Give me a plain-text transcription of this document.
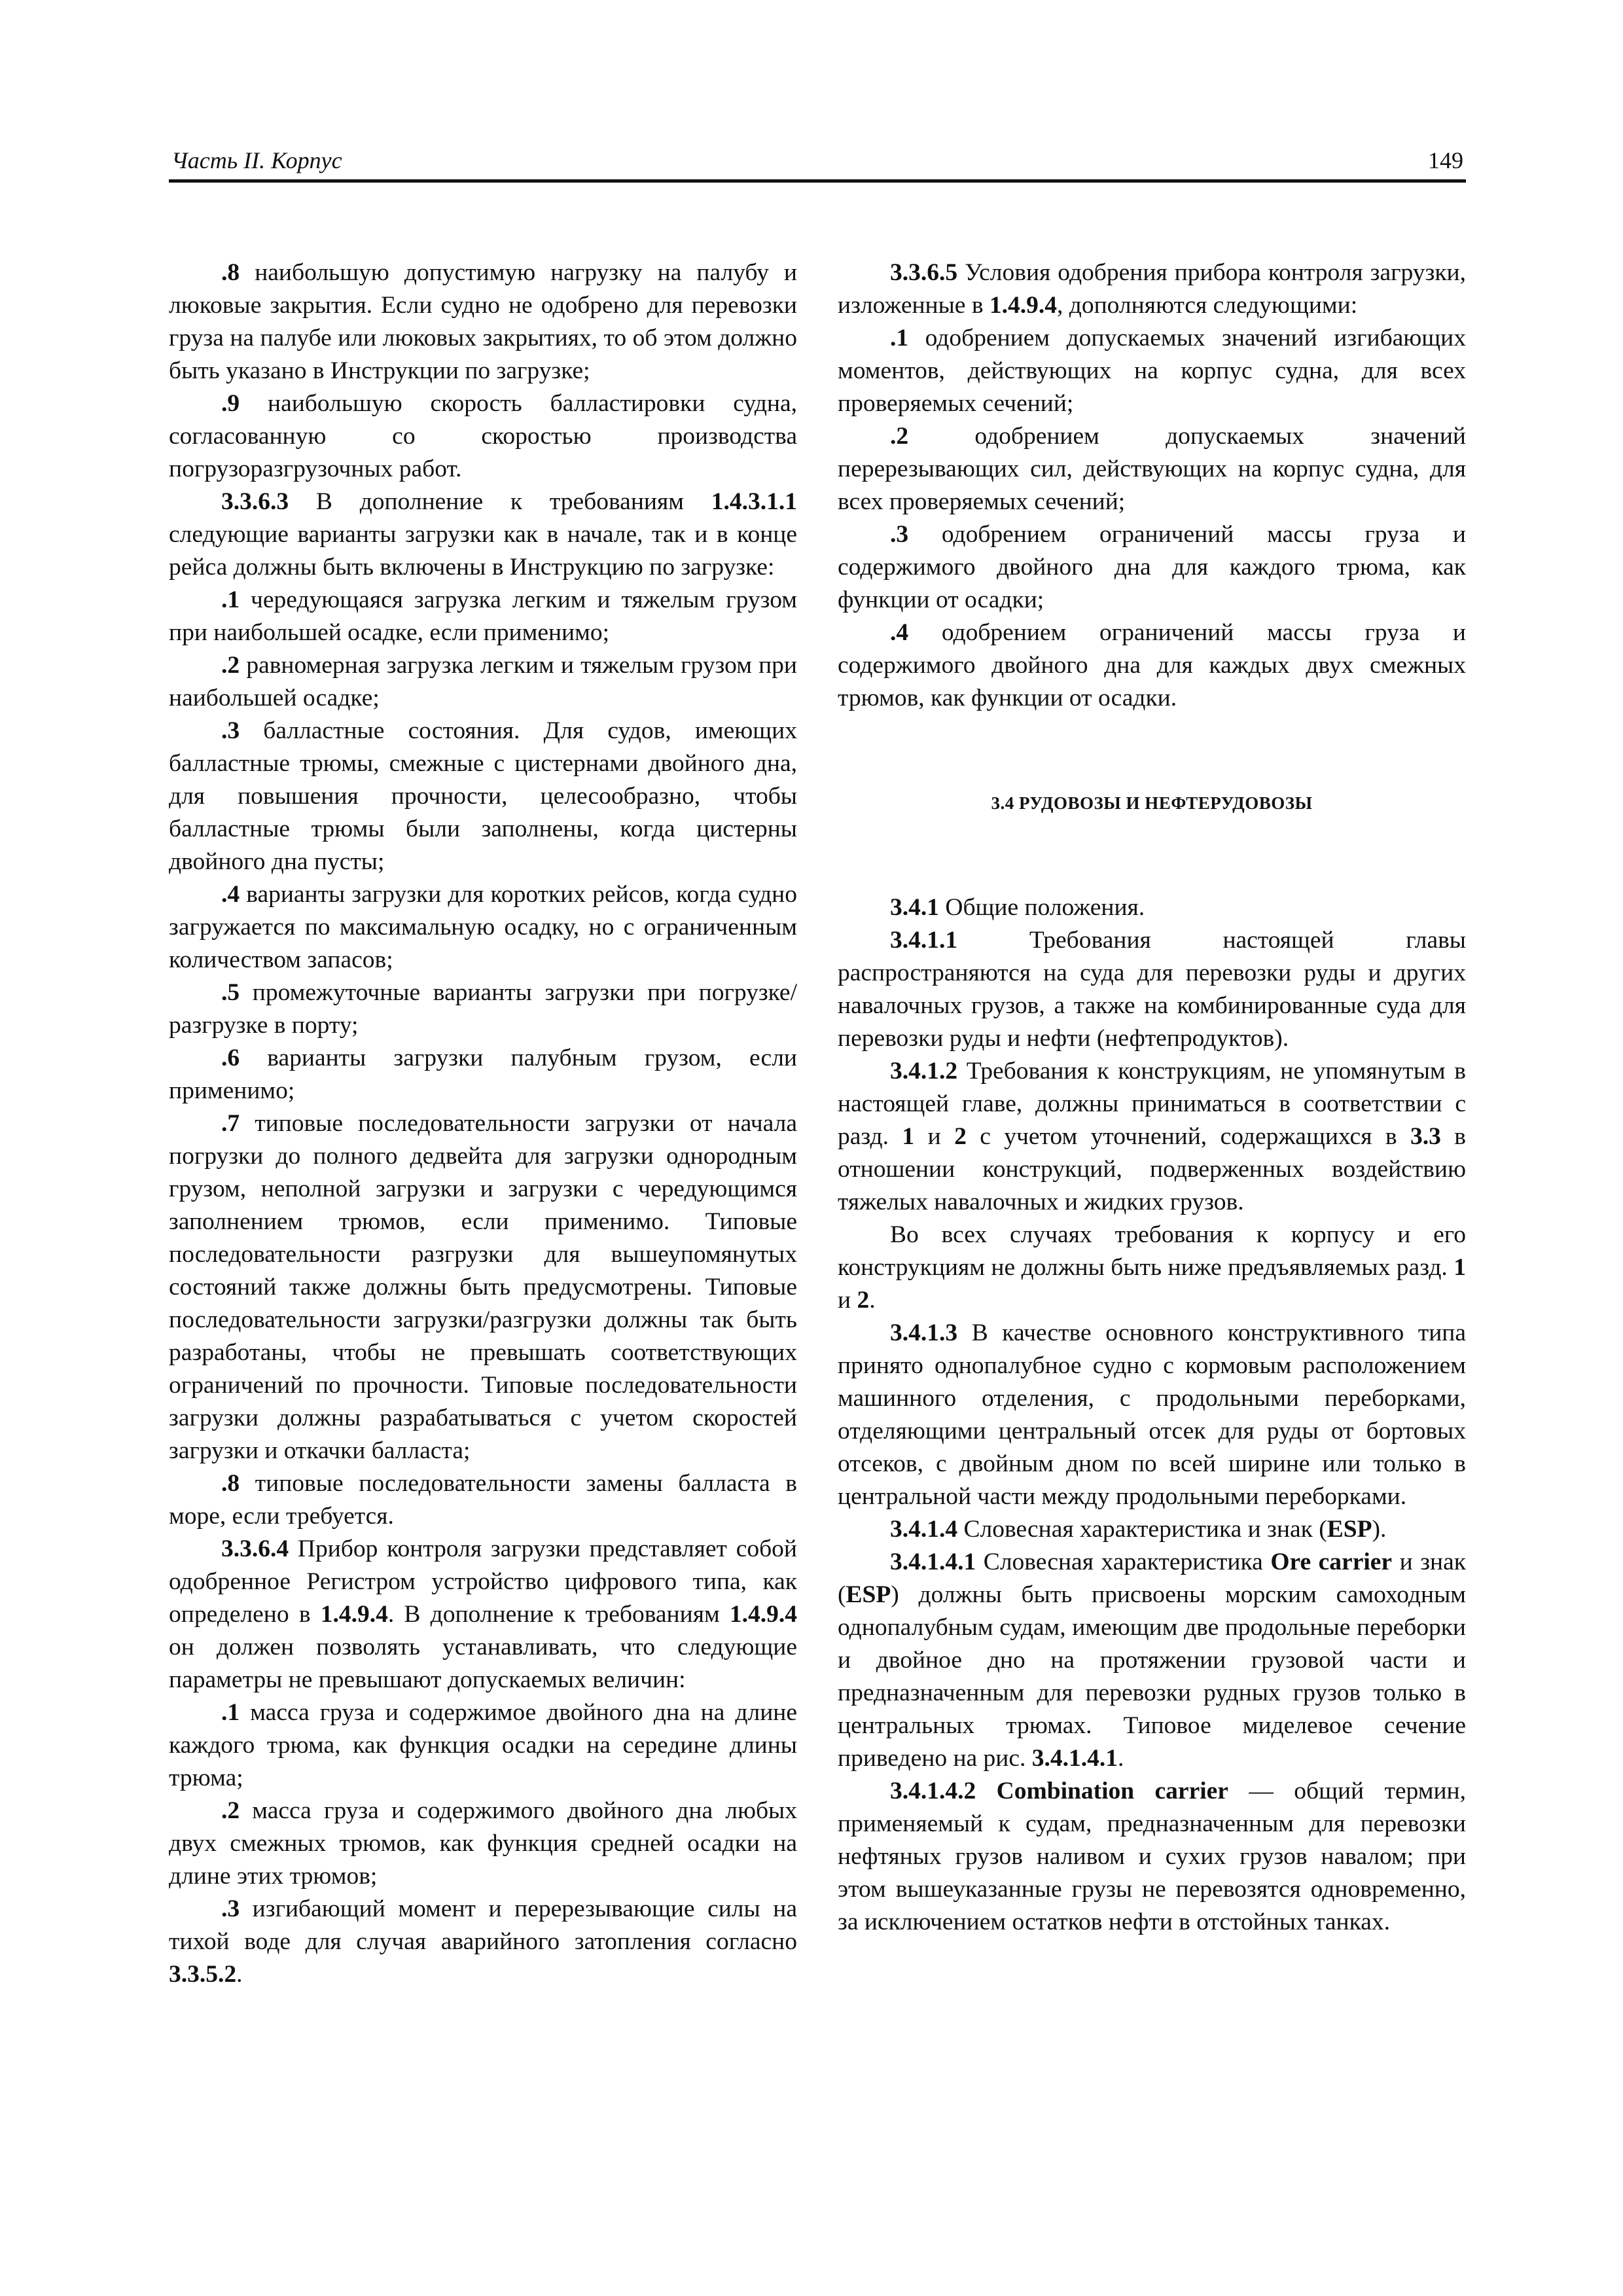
Часть II. Корпус	149

.8 наибольшую допустимую нагрузку на палубу и люковые закрытия. Если судно не одобрено для перевозки груза на палубе или люковых закрытиях, то об этом должно быть указано в Инструкции по загрузке;

.9 наибольшую скорость балластировки судна, согласованную со скоростью производства погрузоразгрузочных работ.

3.3.6.3 В дополнение к требованиям 1.4.3.1.1 следующие варианты загрузки как в начале, так и в конце рейса должны быть включены в Инструкцию по загрузке:

.1 чередующаяся загрузка легким и тяжелым грузом при наибольшей осадке, если применимо;

.2 равномерная загрузка легким и тяжелым грузом при наибольшей осадке;

.3 балластные состояния. Для судов, имеющих балластные трюмы, смежные с цистернами двойного дна, для повышения прочности, целесообразно, чтобы балластные трюмы были заполнены, когда цистерны двойного дна пусты;

.4 варианты загрузки для коротких рейсов, когда судно загружается по максимальную осадку, но с ограниченным количеством запасов;

.5 промежуточные варианты загрузки при погрузке/разгрузке в порту;

.6 варианты загрузки палубным грузом, если применимо;

.7 типовые последовательности загрузки от начала погрузки до полного дедвейта для загрузки однородным грузом, неполной загрузки и загрузки с чередующимся заполнением трюмов, если применимо. Типовые последовательности разгрузки для вышеупомянутых состояний также должны быть предусмотрены. Типовые последовательности загрузки/разгрузки должны так быть разработаны, чтобы не превышать соответствующих ограничений по прочности. Типовые последовательности загрузки должны разрабатываться с учетом скоростей загрузки и откачки балласта;

.8 типовые последовательности замены балласта в море, если требуется.

3.3.6.4 Прибор контроля загрузки представляет собой одобренное Регистром устройство цифрового типа, как определено в 1.4.9.4. В дополнение к требованиям 1.4.9.4 он должен позволять устанавливать, что следующие параметры не превышают допускаемых величин:

.1 масса груза и содержимое двойного дна на длине каждого трюма, как функция осадки на середине длины трюма;

.2 масса груза и содержимого двойного дна любых двух смежных трюмов, как функция средней осадки на длине этих трюмов;

.3 изгибающий момент и перерезывающие силы на тихой воде для случая аварийного затопления согласно 3.3.5.2.

3.3.6.5 Условия одобрения прибора контроля загрузки, изложенные в 1.4.9.4, дополняются следующими:

.1 одобрением допускаемых значений изгибающих моментов, действующих на корпус судна, для всех проверяемых сечений;

.2 одобрением допускаемых значений перерезывающих сил, действующих на корпус судна, для всех проверяемых сечений;

.3 одобрением ограничений массы груза и содержимого двойного дна для каждого трюма, как функции от осадки;

.4 одобрением ограничений массы груза и содержимого двойного дна для каждых двух смежных трюмов, как функции от осадки.

3.4 РУДОВОЗЫ И НЕФТЕРУДОВОЗЫ

3.4.1 Общие положения.

3.4.1.1 Требования настоящей главы распространяются на суда для перевозки руды и других навалочных грузов, а также на комбинированные суда для перевозки руды и нефти (нефтепродуктов).

3.4.1.2 Требования к конструкциям, не упомянутым в настоящей главе, должны приниматься в соответствии с разд. 1 и 2 с учетом уточнений, содержащихся в 3.3 в отношении конструкций, подверженных воздействию тяжелых навалочных и жидких грузов.

Во всех случаях требования к корпусу и его конструкциям не должны быть ниже предъявляемых разд. 1 и 2.

3.4.1.3 В качестве основного конструктивного типа принято однопалубное судно с кормовым расположением машинного отделения, с продольными переборками, отделяющими центральный отсек для руды от бортовых отсеков, с двойным дном по всей ширине или только в центральной части между продольными переборками.

3.4.1.4 Словесная характеристика и знак (ESP).

3.4.1.4.1 Словесная характеристика Ore carrier и знак (ESP) должны быть присвоены морским самоходным однопалубным судам, имеющим две продольные переборки и двойное дно на протяжении грузовой части и предназначенным для перевозки рудных грузов только в центральных трюмах. Типовое миделевое сечение приведено на рис. 3.4.1.4.1.

3.4.1.4.2 Combination carrier — общий термин, применяемый к судам, предназначенным для перевозки нефтяных грузов наливом и сухих грузов навалом; при этом вышеуказанные грузы не перевозятся одновременно, за исключением остатков нефти в отстойных танках.
